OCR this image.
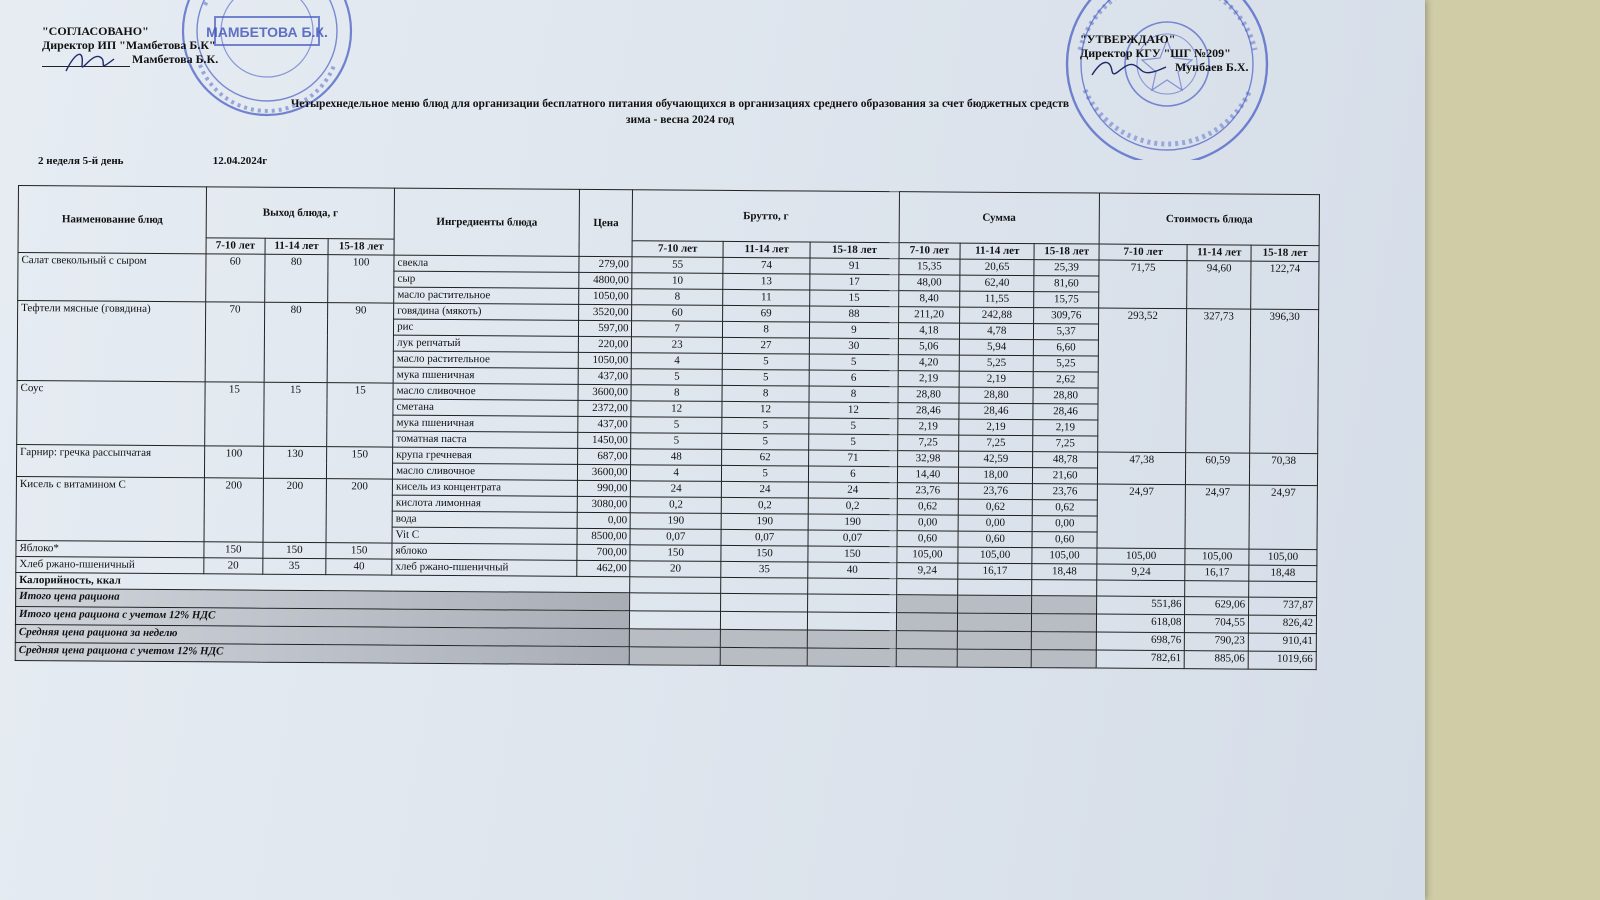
МАМБЕТОВА Б.К.
"СОГЛАСОВАНО"
Директор ИП "Мамбетова Б.К"
Мамбетова Б.К.
"УТВЕРЖДАЮ"
Директор КГУ "ШГ №209"
Мунбаев Б.Х.
Четырехнедельное меню блюд для организации бесплатного питания обучающихся в организациях среднего образования за счет бюджетных средств
зима - весна 2024 год
2 неделя 5-й день	12.04.2024г
Наименование блюд	Выход блюда, г			Ингредиенты блюда	Цена	Брутто, г			Сумма			Стоимость блюда		
	7-10 лет	11-14 лет	15-18 лет			7-10 лет	11-14 лет	15-18 лет	7-10 лет	11-14 лет	15-18 лет	7-10 лет	11-14 лет	15-18 лет
Салат свекольный с сыром	60	80	100	свекла	279,00	55	74	91	15,35	20,65	25,39	71,75	94,60	122,74
				сыр	4800,00	10	13	17	48,00	62,40	81,60			
				масло растительное	1050,00	8	11	15	8,40	11,55	15,75			
Тефтели мясные (говядина)	70	80	90	говядина (мякоть)	3520,00	60	69	88	211,20	242,88	309,76	293,52	327,73	396,30
				рис	597,00	7	8	9	4,18	4,78	5,37			
				лук репчатый	220,00	23	27	30	5,06	5,94	6,60			
				масло растительное	1050,00	4	5	5	4,20	5,25	5,25			
				мука пшеничная	437,00	5	5	6	2,19	2,19	2,62			
Соус	15	15	15	масло сливочное	3600,00	8	8	8	28,80	28,80	28,80			
				сметана	2372,00	12	12	12	28,46	28,46	28,46			
				мука пшеничная	437,00	5	5	5	2,19	2,19	2,19			
				томатная паста	1450,00	5	5	5	7,25	7,25	7,25			
Гарнир: гречка рассыпчатая	100	130	150	крупа гречневая	687,00	48	62	71	32,98	42,59	48,78	47,38	60,59	70,38
				масло сливочное	3600,00	4	5	6	14,40	18,00	21,60			
Кисель с витамином С	200	200	200	кисель из концентрата	990,00	24	24	24	23,76	23,76	23,76	24,97	24,97	24,97
				кислота лимонная	3080,00	0,2	0,2	0,2	0,62	0,62	0,62			
				вода	0,00	190	190	190	0,00	0,00	0,00			
				Vit C	8500,00	0,07	0,07	0,07	0,60	0,60	0,60			
Яблоко*	150	150	150	яблоко	700,00	150	150	150	105,00	105,00	105,00	105,00	105,00	105,00
Хлеб ржано-пшеничный	20	35	40	хлеб ржано-пшеничный	462,00	20	35	40	9,24	16,17	18,48	9,24	16,17	18,48
Калорийность, ккал														
Итого цена рациона												551,86	629,06	737,87
Итого цена рациона с учетом 12% НДС												618,08	704,55	826,42
Средняя цена рациона за неделю												698,76	790,23	910,41
Средняя цена рациона с учетом 12% НДС												782,61	885,06	1019,66
